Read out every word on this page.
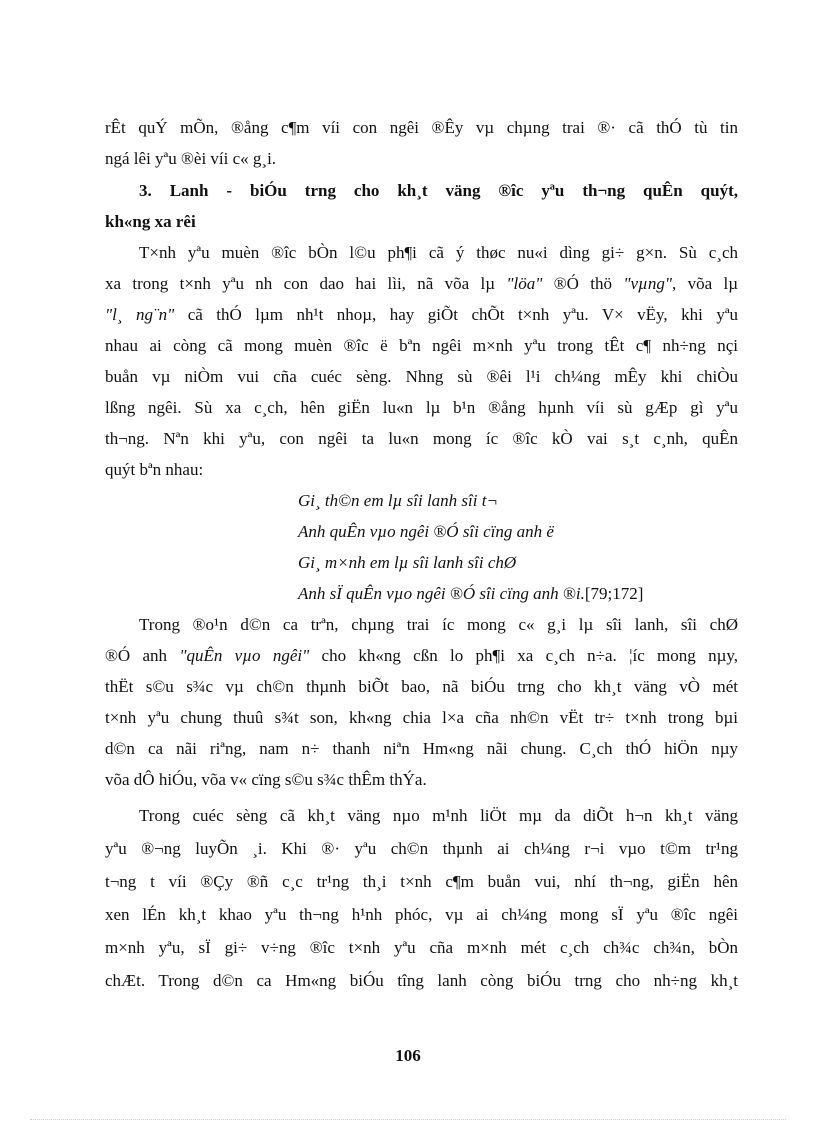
rÊt quÝ mÕn, ®ång c¶m víi con ngêi ®Êy vµ chµng trai ®· cã thÓ tù tin
ngá lêi yªu ®èi víi c« g¸i.
3. Lanh - biÓu trng cho kh¸t väng ®îc yªu th¬ng quÊn quýt,
kh«ng xa rêi
T×nh yªu muèn ®îc bÒn l©u ph¶i cã ý thøc nu«i dìng gi÷ g×n. Sù c¸ch
xa trong t×nh yªu nh con dao hai lìi, nã võa lµ "löa" ®Ó thö "vµng", võa lµ
"l¸ ng¨n" cã thÓ lµm nh¹t nhoµ, hay giÕt chÕt t×nh yªu. V× vËy, khi yªu
nhau ai còng cã mong muèn ®îc ë bªn ngêi m×nh yªu trong tÊt c¶ nh÷ng nçi
buån vµ niÒm vui cña cuéc sèng. Nhng sù ®êi l¹i ch¼ng mÊy khi chiÒu
lßng ngêi. Sù xa c¸ch, hên giËn lu«n lµ b¹n ®ång hµnh víi sù gÆp gì yªu
th¬ng. Nªn khi yªu, con ngêi ta lu«n mong íc ®îc kÒ vai s¸t c¸nh, quÊn
quýt bªn nhau:
Gi¸ th©n em lµ sîi lanh sîi t¬
Anh quÊn vµo ngêi ®Ó sîi cïng anh ë
Gi¸ m×nh em lµ sîi lanh sîi chØ
Anh sÏ quÊn vµo ngêi ®Ó sîi cïng anh ®i.[79;172]
Trong ®o¹n d©n ca trªn, chµng trai íc mong c« g¸i lµ sîi lanh, sîi chØ
®Ó anh "quÊn vµo ngêi" cho kh«ng cßn lo ph¶i xa c¸ch n÷a. ¦íc mong nµy,
thËt s©u s¾c vµ ch©n thµnh biÕt bao, nã biÓu trng cho kh¸t väng vÒ mét
t×nh yªu chung thuû s¾t son, kh«ng chia l×a cña nh©n vËt tr÷ t×nh trong bµi
d©n ca nãi riªng, nam n÷ thanh niªn Hm«ng nãi chung. C¸ch thÓ hiÖn nµy
võa dÔ hiÓu, võa v« cïng s©u s¾c thÊm thÝa.
Trong cuéc sèng cã kh¸t väng nµo m¹nh liÖt mµ da diÕt h¬n kh¸t väng
yªu ®¬ng luyÕn ¸i. Khi ®· yªu ch©n thµnh ai ch¼ng r¬i vµo t©m tr¹ng
t¬ng t víi ®Çy ®ñ c¸c tr¹ng th¸i t×nh c¶m buån vui, nhí th¬ng, giËn hên
xen lÉn kh¸t khao yªu th¬ng h¹nh phóc, vµ ai ch¼ng mong sÏ yªu ®îc ngêi
m×nh yªu, sÏ gi÷ v÷ng ®îc t×nh yªu cña m×nh mét c¸ch ch¾c ch¾n, bÒn
chÆt. Trong d©n ca Hm«ng biÓu tîng lanh còng biÓu trng cho nh÷ng kh¸t
106
